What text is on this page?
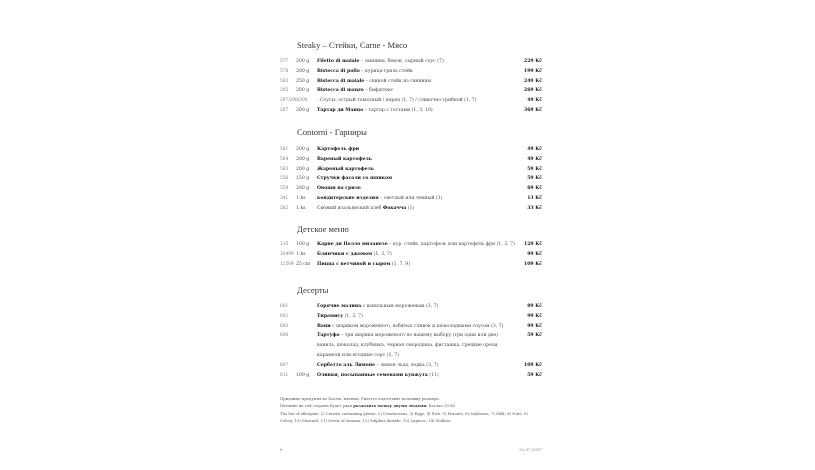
Steaky – Стейки, Carne - Мясо
577	200 g Filetto di maiale – свинина, бекон, сырный соус (7)	229 Kč
578	200 g Bistecca di pollo – курица-гриль стейк	199 Kč
583	250 g Bistecca di maiale – свиной стейк из свинины	249 Kč
205	200 g Bistecca di manzo – бифштекс	269 Kč
297/298/300 - Соусы: острый томатный / перец (1, 7) / сливочно-грибной (1, 7)	49 Kč
207	200 g Тартар ди Манцо – тартар с тостами (1, 3, 10)	369 Kč
Contorni - Гарниры
561	200 g Картофель фри	49 Kč
564	200 g Вареный картофель	49 Kč
563	200 g Жареный картофель	59 Kč
556	150 g Стручки фасоли со шпиком	59 Kč
559	200 g Овощи на гриле	69 Kč
341	1 ks кондитерские изделия – светлый или темный (1)	13 Kč
562	1 ks Свежий итальянский хлеб Фокачча (1)	33 Kč
Детское меню
215	100 g Карне ди Полло миланезе – кур. стейк, картофель или картофель фри (1, 3, 7) 129 Kč
10499 1 ks Блинчики с джемом (1, 3, 7)	99 Kč
12509 25 cm Пицца с ветчиной и сыром (1, 7, 9)	109 Kč
Десерты
601	Горячие малина с ванильным мороженым (3, 7)	89 Kč
602	Тирамису (1, 3, 7)	99 Kč
603	Вани с шариком мороженого, взбитых сливок и шоколадными соусом (3, 7)	99 Kč
606	Тартуфо – три шарика мороженого по вашему выбору (три одни или две)	59 Kč
ваниль, шоколад, клубника, черная смородина, фисташка, грецкие орехи,
карамели или ягодные сорс (3, 7)
607	Сорбетто аль Лимоне – лимон льда, водка (3, 7)	109 Kč
611	100 g Оливки, посыпанные семенами кунжута (11)	59 Kč
Приданые продукты из Пасты, мясных, Ризотто подготовят половину размера.
Питание на той стороне будет ради раздалить между двумя людьми. Костко 20 Kč.
The list of allergens: 1) Cereals containing gluten, 2) Crustaceans, 3) Eggs, 4) Fish, 5) Peanuts, 6) Soybeans, 7) Milk, 8) Nuts, 9)
Celery, 10) Mustard, 11) Seeds of sesame, 12) Sulphur dioxide, 13) Lupines, 14) Mollusc
6	22.07.2017
